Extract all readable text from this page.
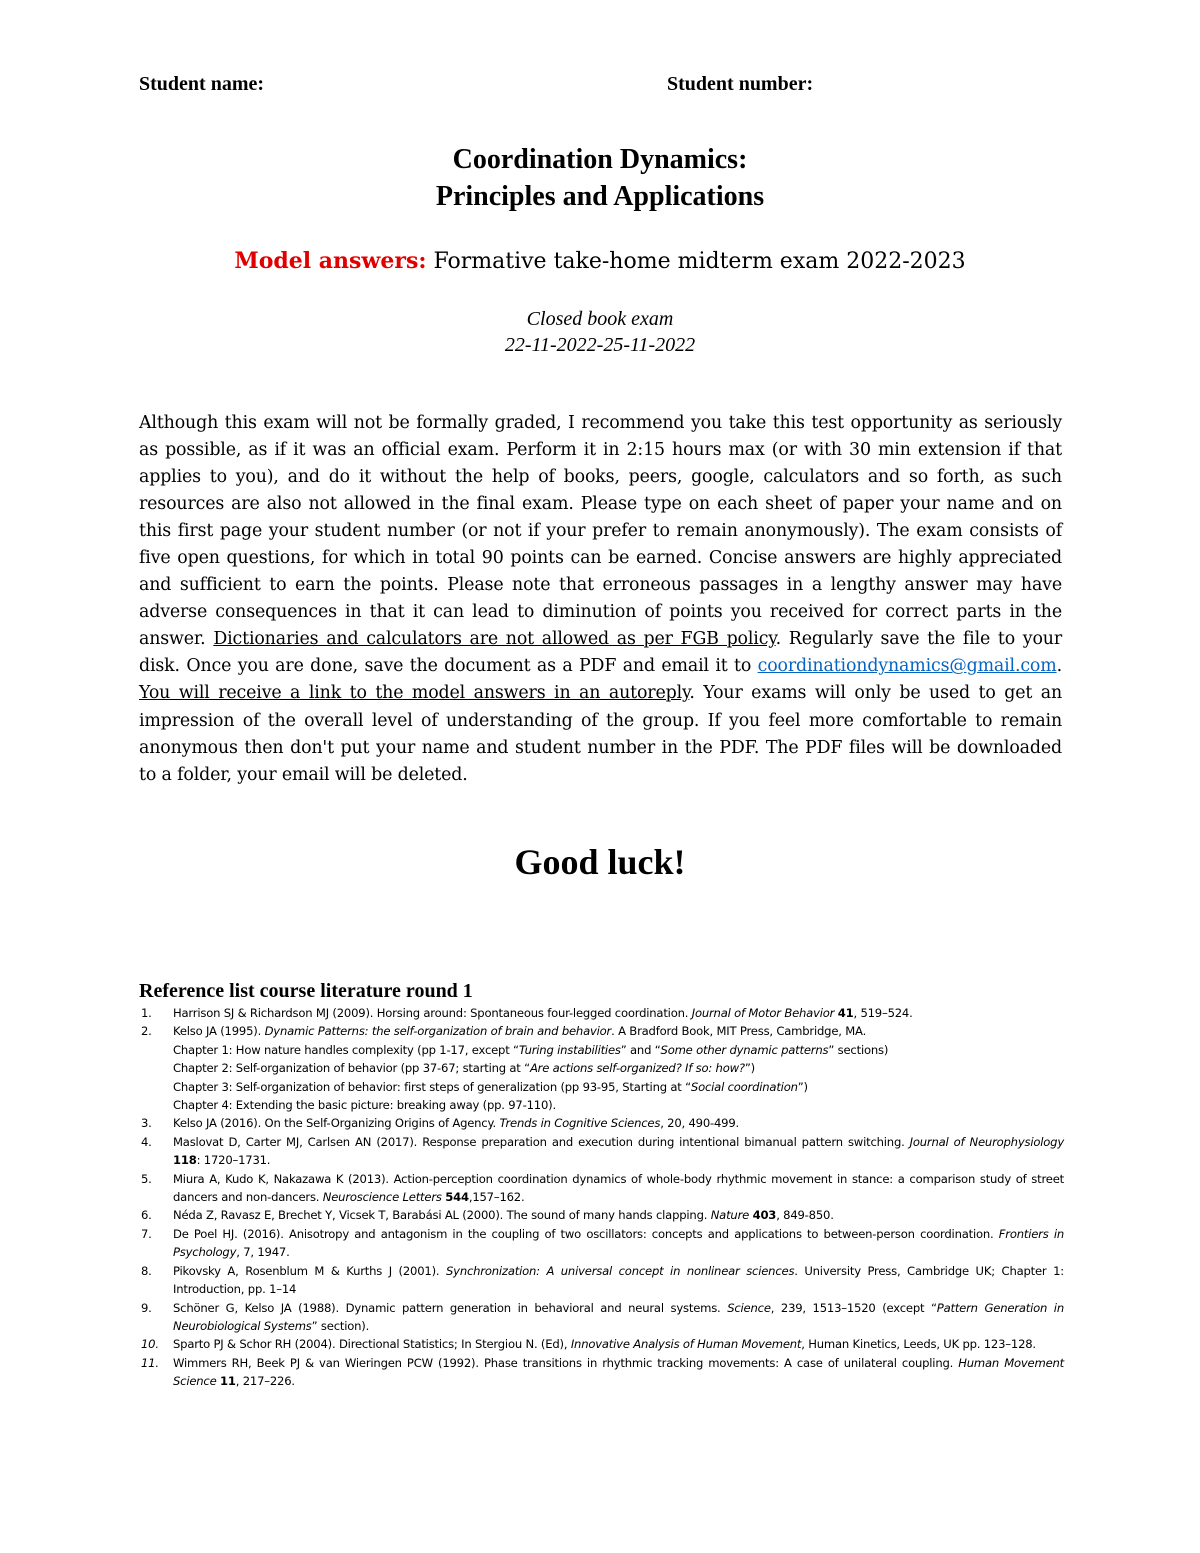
Student name:	Student number:
Coordination Dynamics:
Principles and Applications
Model answers: Formative take-home midterm exam 2022-2023
Closed book exam
22-11-2022-25-11-2022
Although this exam will not be formally graded, I recommend you take this test opportunity as seriously as possible, as if it was an official exam. Perform it in 2:15 hours max (or with 30 min extension if that applies to you), and do it without the help of books, peers, google, calculators and so forth, as such resources are also not allowed in the final exam. Please type on each sheet of paper your name and on this first page your student number (or not if your prefer to remain anonymously). The exam consists of five open questions, for which in total 90 points can be earned. Concise answers are highly appreciated and sufficient to earn the points. Please note that erroneous passages in a lengthy answer may have adverse consequences in that it can lead to diminution of points you received for correct parts in the answer. Dictionaries and calculators are not allowed as per FGB policy. Regularly save the file to your disk. Once you are done, save the document as a PDF and email it to coordinationdynamics@gmail.com. You will receive a link to the model answers in an autoreply. Your exams will only be used to get an impression of the overall level of understanding of the group. If you feel more comfortable to remain anonymous then don't put your name and student number in the PDF. The PDF files will be downloaded to a folder, your email will be deleted.
Good luck!
Reference list course literature round 1
1. Harrison SJ & Richardson MJ (2009). Horsing around: Spontaneous four-legged coordination. Journal of Motor Behavior 41, 519–524.
2. Kelso JA (1995). Dynamic Patterns: the self-organization of brain and behavior. A Bradford Book, MIT Press, Cambridge, MA.
Chapter 1: How nature handles complexity (pp 1-17, except “Turing instabilities” and “Some other dynamic patterns” sections)
Chapter 2: Self-organization of behavior (pp 37-67; starting at “Are actions self-organized? If so: how?”)
Chapter 3: Self-organization of behavior: first steps of generalization (pp 93-95, Starting at “Social coordination”)
Chapter 4: Extending the basic picture: breaking away (pp. 97-110).
3. Kelso JA (2016). On the Self-Organizing Origins of Agency. Trends in Cognitive Sciences, 20, 490-499.
4. Maslovat D, Carter MJ, Carlsen AN (2017). Response preparation and execution during intentional bimanual pattern switching. Journal of Neurophysiology 118: 1720–1731.
5. Miura A, Kudo K, Nakazawa K (2013). Action-perception coordination dynamics of whole-body rhythmic movement in stance: a comparison study of street dancers and non-dancers. Neuroscience Letters 544,157–162.
6. Néda Z, Ravasz E, Brechet Y, Vicsek T, Barabási AL (2000). The sound of many hands clapping. Nature 403, 849-850.
7. De Poel HJ. (2016). Anisotropy and antagonism in the coupling of two oscillators: concepts and applications to between-person coordination. Frontiers in Psychology, 7, 1947.
8. Pikovsky A, Rosenblum M & Kurths J (2001). Synchronization: A universal concept in nonlinear sciences. University Press, Cambridge UK; Chapter 1: Introduction, pp. 1–14
9. Schöner G, Kelso JA (1988). Dynamic pattern generation in behavioral and neural systems. Science, 239, 1513–1520 (except “Pattern Generation in Neurobiological Systems” section).
10. Sparto PJ & Schor RH (2004). Directional Statistics; In Stergiou N. (Ed), Innovative Analysis of Human Movement, Human Kinetics, Leeds, UK pp. 123–128.
11. Wimmers RH, Beek PJ & van Wieringen PCW (1992). Phase transitions in rhythmic tracking movements: A case of unilateral coupling. Human Movement Science 11, 217–226.
